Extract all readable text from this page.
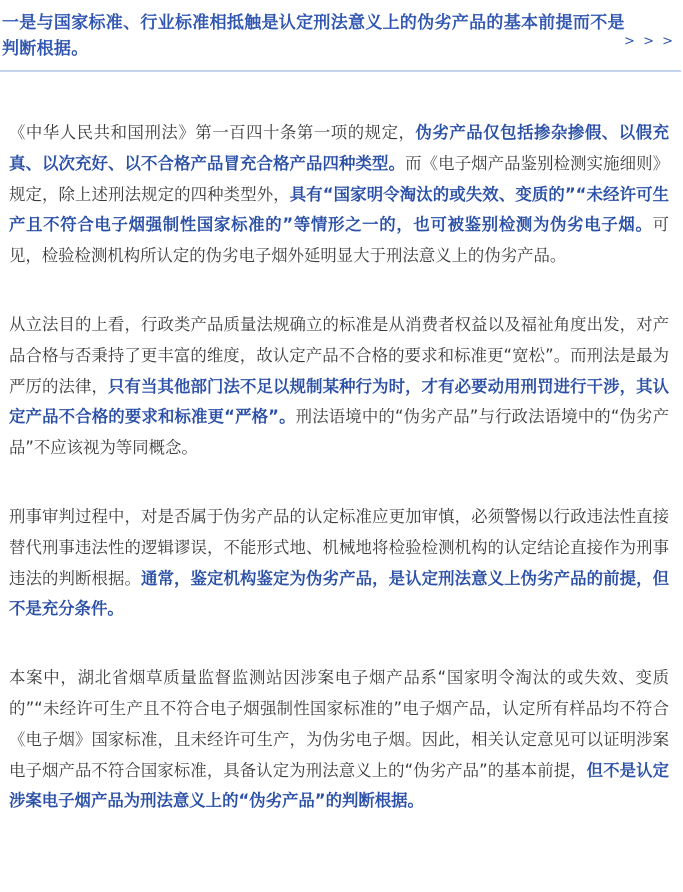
一是与国家标准、行业标准相抵触是认定刑法意义上的伪劣产品的基本前提而不是判断根据。	> > >

《中华人民共和国刑法》第一百四十条第一项的规定，伪劣产品仅包括掺杂掺假、以假充真、以次充好、以不合格产品冒充合格产品四种类型。而《电子烟产品鉴别检测实施细则》规定，除上述刑法规定的四种类型外，具有“国家明令淘汰的或失效、变质的”“未经许可生产且不符合电子烟强制性国家标准的”等情形之一的，也可被鉴别检测为伪劣电子烟。可见，检验检测机构所认定的伪劣电子烟外延明显大于刑法意义上的伪劣产品。

从立法目的上看，行政类产品质量法规确立的标准是从消费者权益以及福祉角度出发，对产品合格与否秉持了更丰富的维度，故认定产品不合格的要求和标准更“宽松”。而刑法是最为严厉的法律，只有当其他部门法不足以规制某种行为时，才有必要动用刑罚进行干涉，其认定产品不合格的要求和标准更“严格”。刑法语境中的“伪劣产品”与行政法语境中的“伪劣产品”不应该视为等同概念。

刑事审判过程中，对是否属于伪劣产品的认定标准应更加审慎，必须警惕以行政违法性直接替代刑事违法性的逻辑谬误，不能形式地、机械地将检验检测机构的认定结论直接作为刑事违法的判断根据。通常，鉴定机构鉴定为伪劣产品，是认定刑法意义上伪劣产品的前提，但不是充分条件。

本案中，湖北省烟草质量监督监测站因涉案电子烟产品系“国家明令淘汰的或失效、变质的”“未经许可生产且不符合电子烟强制性国家标准的”电子烟产品，认定所有样品均不符合《电子烟》国家标准，且未经许可生产，为伪劣电子烟。因此，相关认定意见可以证明涉案电子烟产品不符合国家标准，具备认定为刑法意义上的“伪劣产品”的基本前提，但不是认定涉案电子烟产品为刑法意义上的“伪劣产品”的判断根据。
